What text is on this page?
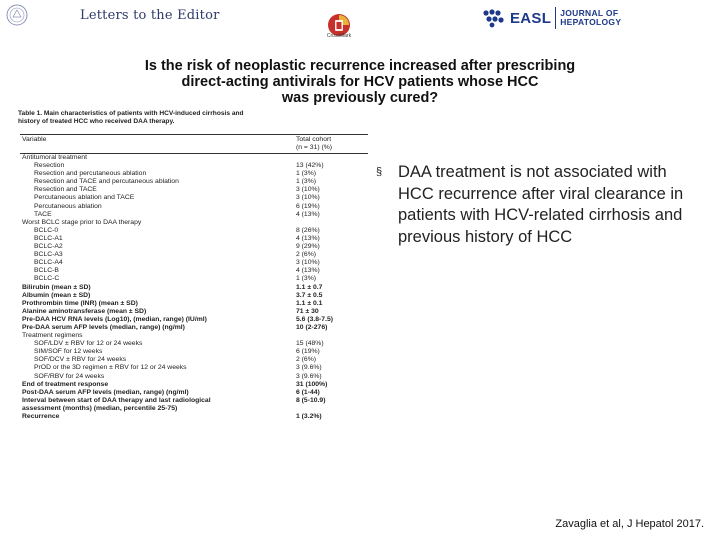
Letters to the Editor
CrossMark
EASL JOURNAL OF
HEPATOLOGY
Is the risk of neoplastic recurrence increased after prescribing
direct-acting antivirals for HCV patients whose HCC
was previously cured?
Table 1. Main characteristics of patients with HCV-induced cirrhosis and
history of treated HCC who received DAA therapy.
Variable	Total cohort
(n = 31) (%)
Antitumoral treatment	
Resection	13 (42%)
Resection and percutaneous ablation	1 (3%)
Resection and TACE and percutaneous ablation	1 (3%)
Resection and TACE	3 (10%)
Percutaneous ablation and TACE	3 (10%)
Percutaneous ablation	6 (19%)
TACE	4 (13%)
Worst BCLC stage prior to DAA therapy	
BCLC-0	8 (26%)
BCLC-A1	4 (13%)
BCLC-A2	9 (29%)
BCLC-A3	2 (6%)
BCLC-A4	3 (10%)
BCLC-B	4 (13%)
BCLC-C	1 (3%)
Bilirubin (mean ± SD)	1.1 ± 0.7
Albumin (mean ± SD)	3.7 ± 0.5
Prothrombin time (INR) (mean ± SD)	1.1 ± 0.1
Alanine aminotransferase (mean ± SD)	71 ± 30
Pre-DAA HCV RNA levels (Log10), (median, range) (IU/ml)	5.6 (3.8-7.5)
Pre-DAA serum AFP levels (median, range) (ng/ml)	10 (2-276)
Treatment regimens	
SOF/LDV ± RBV for 12 or 24 weeks	15 (48%)
SIM/SOF for 12 weeks	6 (19%)
SOF/DCV ± RBV for 24 weeks	2 (6%)
PrOD or the 3D regimen ± RBV for 12 or 24 weeks	3 (9.6%)
SOF/RBV for 24 weeks	3 (9.6%)
End of treatment response	31 (100%)
Post-DAA serum AFP levels (median, range) (ng/ml)	6 (1-44)
Interval between start of DAA therapy and last radiological	8 (5-10.9)
assessment (months) (median, percentile 25-75)	
Recurrence	1 (3.2%)
§ DAA treatment is not associated with HCC recurrence after viral clearance in patients with HCV-related cirrhosis and previous history of HCC
Zavaglia et al, J Hepatol 2017.
